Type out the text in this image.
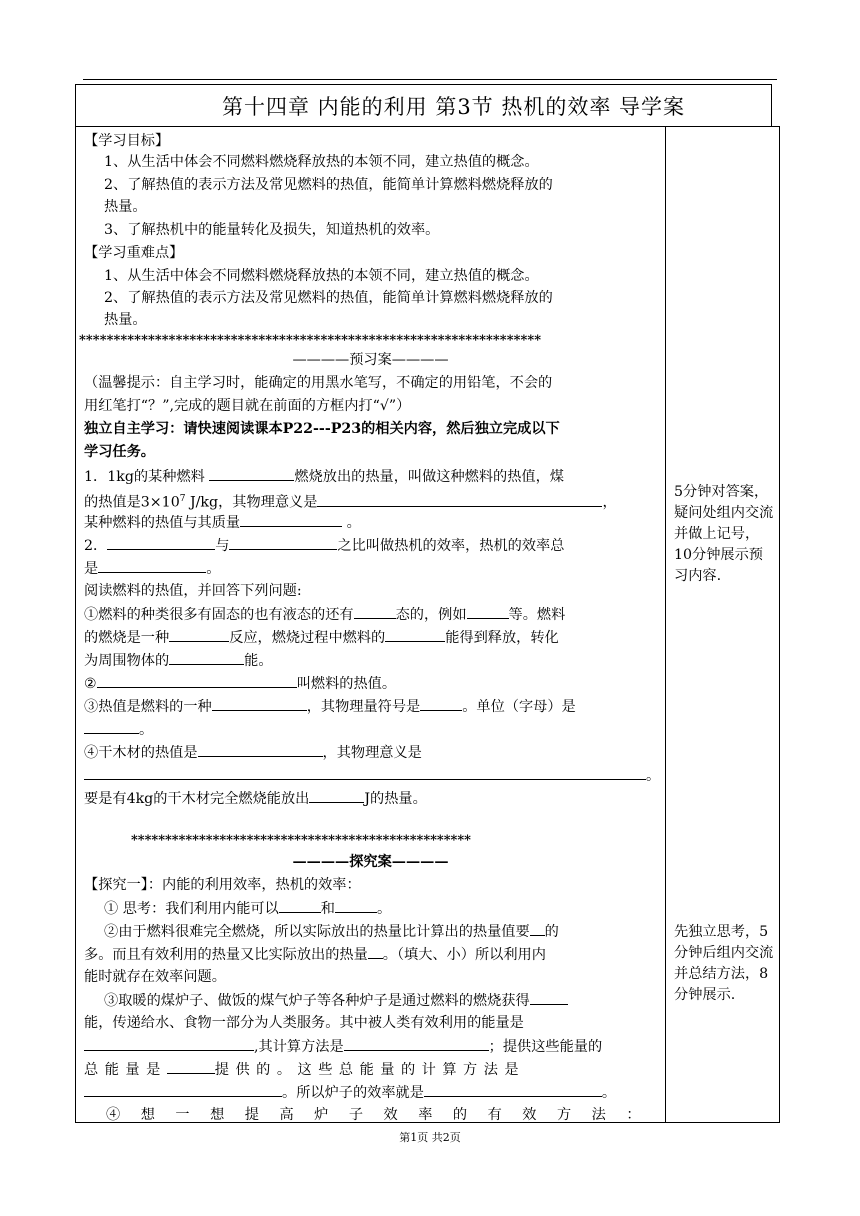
第十四章 内能的利用 第3节 热机的效率 导学案
【学习目标】
1、从生活中体会不同燃料燃烧释放热的本领不同，建立热值的概念。
2、了解热值的表示方法及常见燃料的热值，能简单计算燃料燃烧释放的
热量。
3、了解热机中的能量转化及损失，知道热机的效率。
【学习重难点】
1、从生活中体会不同燃料燃烧释放热的本领不同，建立热值的概念。
2、了解热值的表示方法及常见燃料的热值，能简单计算燃料燃烧释放的
热量。
*******************************************************************
————预习案————
（温馨提示：自主学习时，能确定的用黑水笔写，不确定的用铅笔，不会的
用红笔打“？”,完成的题目就在前面的方框内打“√”）
独立自主学习：请快速阅读课本P22---P23的相关内容，然后独立完成以下
学习任务。
1．1kg的某种燃料	燃烧放出的热量，叫做这种燃料的热值，煤
的热值是$3\times 10^7$ J/kg，其物理意义是	，
某种燃料的热值与其质量	。
2．	与	之比叫做热机的效率，热机的效率总
是	。
阅读燃料的热值，并回答下列问题:
①燃料的种类很多有固态的也有液态的还有	态的，例如	等。燃料
的燃烧是一种	反应，燃烧过程中燃料的	能得到释放，转化
为周围物体的	能。
②	叫燃料的热值。
③热值是燃料的一种	，其物理量符号是	。单位（字母）是
。
④干木材的热值是	，其物理意义是
。
要是有4kg的干木材完全燃烧能放出	J的热量。
**************************************************
————探究案————
【探究一】：内能的利用效率，热机的效率：
① 思考：我们利用内能可以	和	。
②由于燃料很难完全燃烧，所以实际放出的热量比计算出的热量值要 的
多。而且有效利用的热量又比实际放出的热量 。（填大、小）所以利用内
能时就存在效率问题。
③取暖的煤炉子、做饭的煤气炉子等各种炉子是通过燃料的燃烧获得
能，传递给水、食物一部分为人类服务。其中被人类有效利用的能量是
,其计算方法是	；提供这些能量的
总能量是	提供的。这些总能量的计算方法是
。所以炉子的效率就是	。
④想一想提高炉子效率的有效方法：
5分钟对答案，疑问处组内交流并做上记号，10分钟展示预习内容.
先独立思考，5分钟后组内交流并总结方法，8分钟展示.
第1页 共2页
